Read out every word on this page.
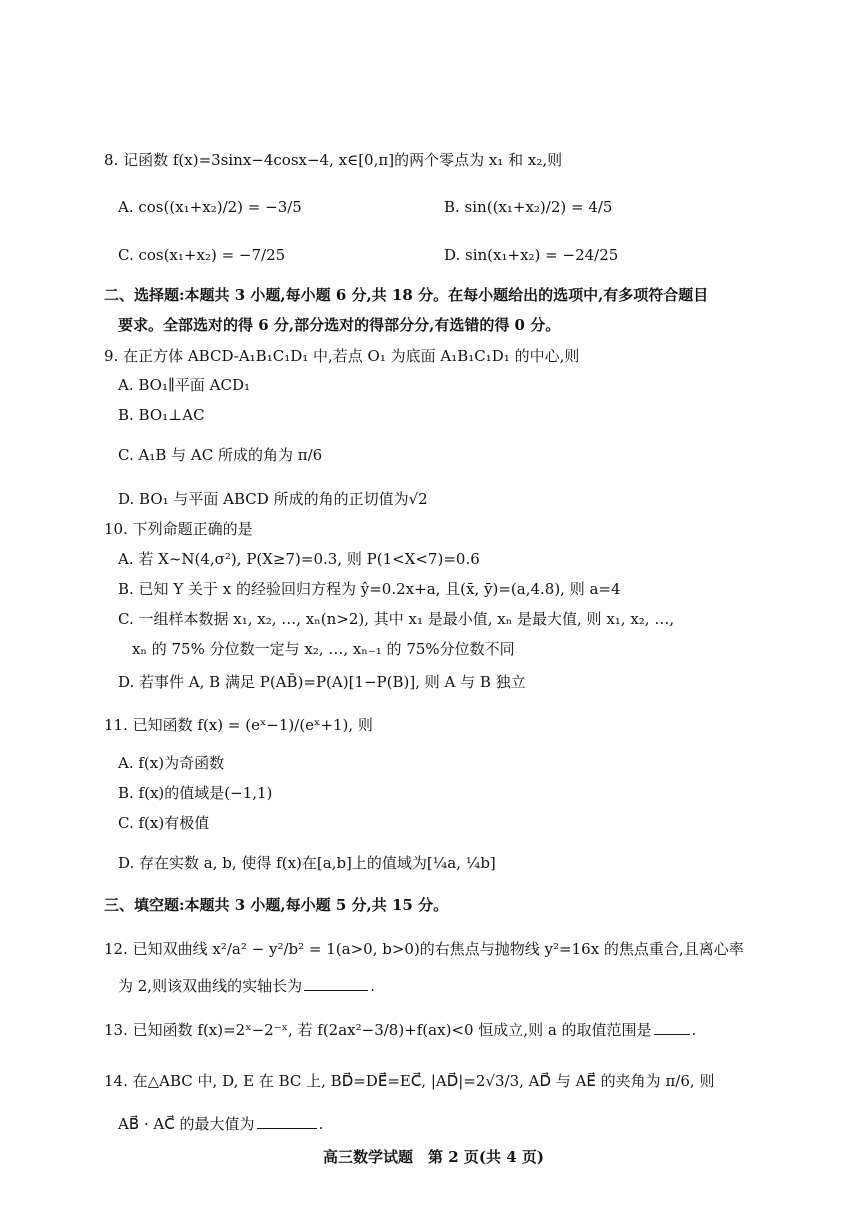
8. 记函数 f(x)=3sinx−4cosx−4, x∈[0,π]的两个零点为 x₁ 和 x₂,则
A. cos((x₁+x₂)/2) = −3/5	B. sin((x₁+x₂)/2) = 4/5
C. cos(x₁+x₂) = −7/25	D. sin(x₁+x₂) = −24/25
二、选择题:本题共 3 小题,每小题 6 分,共 18 分。在每小题给出的选项中,有多项符合题目
要求。全部选对的得 6 分,部分选对的得部分分,有选错的得 0 分。
9. 在正方体 ABCD-A₁B₁C₁D₁ 中,若点 O₁ 为底面 A₁B₁C₁D₁ 的中心,则
A. BO₁∥平面 ACD₁
B. BO₁⊥AC
C. A₁B 与 AC 所成的角为 π/6
D. BO₁ 与平面 ABCD 所成的角的正切值为√2
10. 下列命题正确的是
A. 若 X~N(4,σ²), P(X≥7)=0.3, 则 P(1<X<7)=0.6
B. 已知 Y 关于 x 的经验回归方程为 ŷ=0.2x+a, 且(x̄, ȳ)=(a,4.8), 则 a=4
C. 一组样本数据 x₁, x₂, …, xₙ(n>2), 其中 x₁ 是最小值, xₙ 是最大值, 则 x₁, x₂, …,
xₙ 的 75% 分位数一定与 x₂, …, xₙ₋₁ 的 75%分位数不同
D. 若事件 A, B 满足 P(AB̄)=P(A)[1−P(B)], 则 A 与 B 独立
11. 已知函数 f(x) = (eˣ−1)/(eˣ+1), 则
A. f(x)为奇函数
B. f(x)的值域是(−1,1)
C. f(x)有极值
D. 存在实数 a, b, 使得 f(x)在[a,b]上的值域为[¼a, ¼b]
三、填空题:本题共 3 小题,每小题 5 分,共 15 分。
12. 已知双曲线 x²/a² − y²/b² = 1(a>0, b>0)的右焦点与抛物线 y²=16x 的焦点重合,且离心率
为 2,则该双曲线的实轴长为	.
13. 已知函数 f(x)=2ˣ−2⁻ˣ, 若 f(2ax²−3/8)+f(ax)<0 恒成立,则 a 的取值范围是	.
14. 在△ABC 中, D, E 在 BC 上, BD⃗=DE⃗=EC⃗, |AD⃗|=2√3/3, AD⃗ 与 AE⃗ 的夹角为 π/6, 则
AB⃗ · AC⃗ 的最大值为	.
高三数学试题　第 2 页(共 4 页)
